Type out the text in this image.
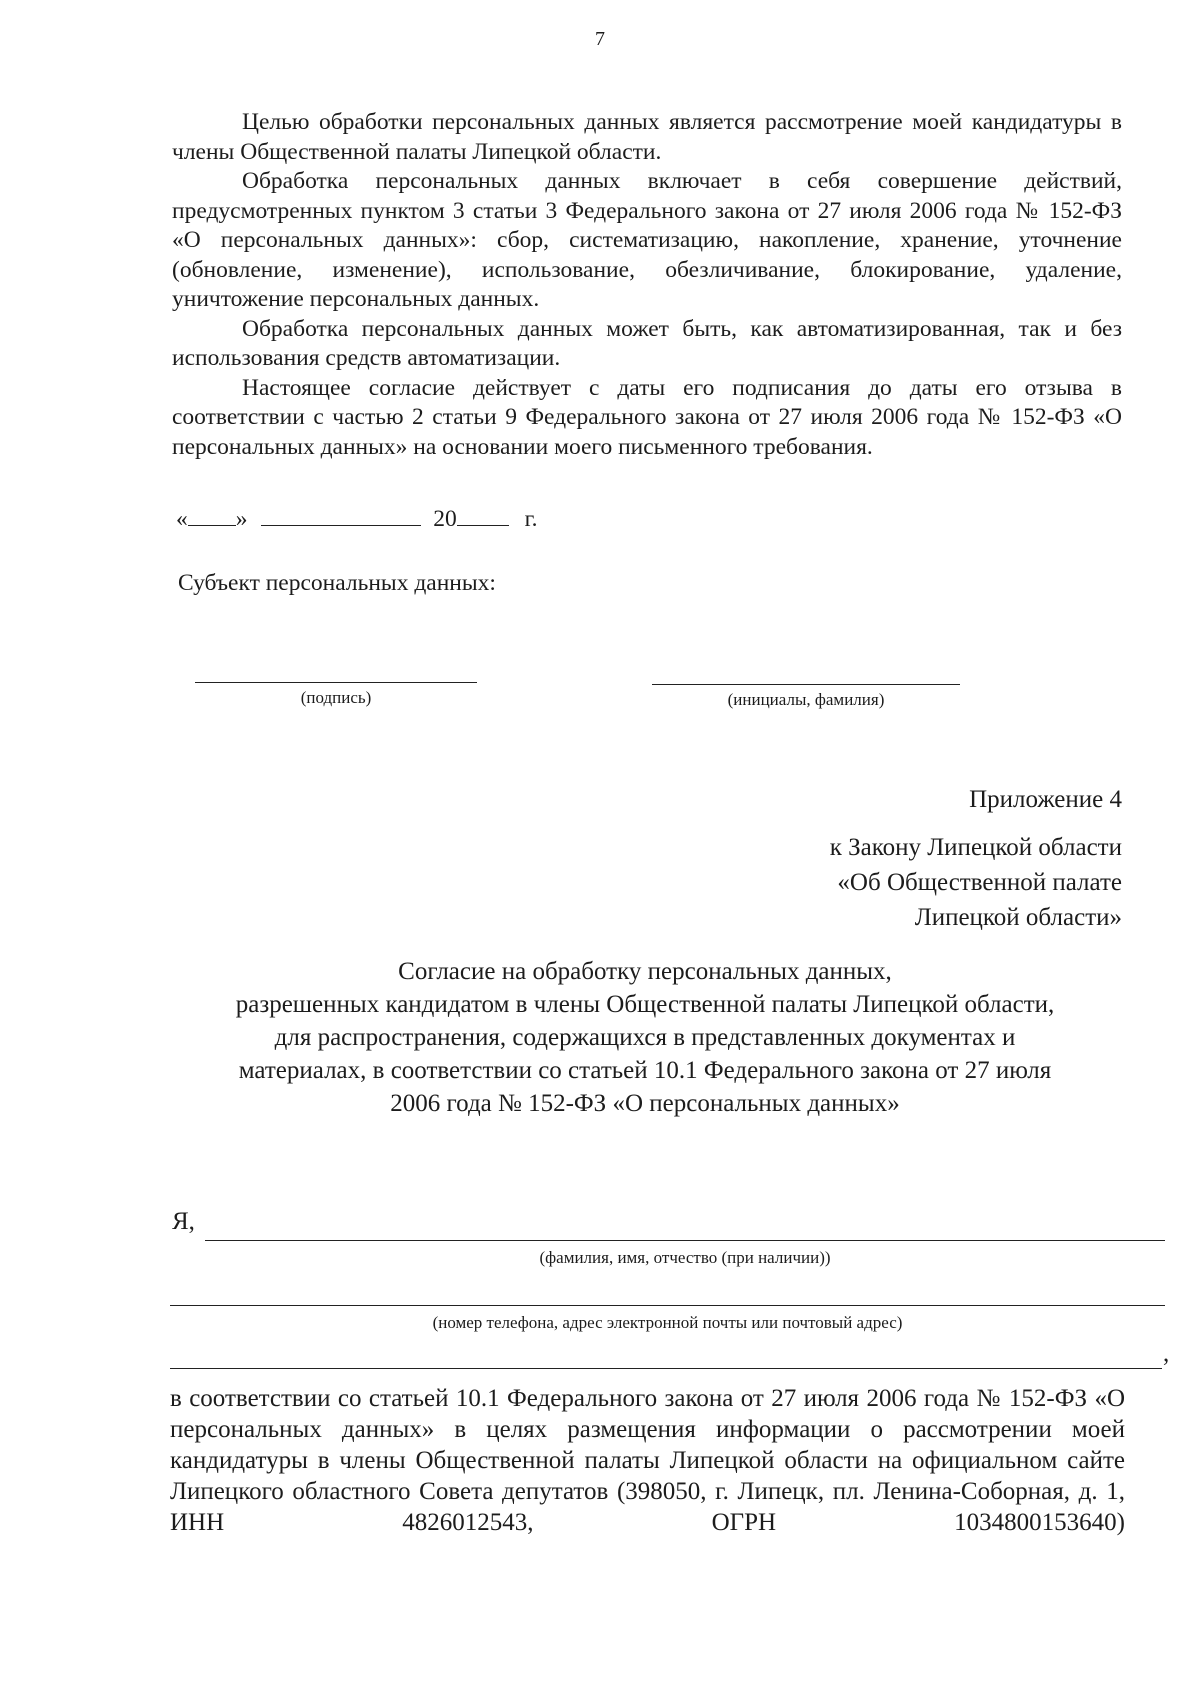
7

Целью обработки персональных данных является рассмотрение моей кандидатуры в члены Общественной палаты Липецкой области.

Обработка персональных данных включает в себя совершение действий, предусмотренных пунктом 3 статьи 3 Федерального закона от 27 июля 2006 года № 152-ФЗ «О персональных данных»: сбор, систематизацию, накопление, хранение, уточнение (обновление, изменение), использование, обезличивание, блокирование, удаление, уничтожение персональных данных.

Обработка персональных данных может быть, как автоматизированная, так и без использования средств автоматизации.

Настоящее согласие действует с даты его подписания до даты его отзыва в соответствии с частью 2 статьи 9 Федерального закона от 27 июля 2006 года № 152-ФЗ «О персональных данных» на основании моего письменного требования.

« »	20	г.
Субъект персональных данных:
(подпись)	(инициалы, фамилия)
Приложение 4
к Закону Липецкой области
«Об Общественной палате
Липецкой области»
Согласие на обработку персональных данных,
разрешенных кандидатом в члены Общественной палаты Липецкой области,
для распространения, содержащихся в представленных документах и
материалах, в соответствии со статьей 10.1 Федерального закона от 27 июля
2006 года № 152-ФЗ «О персональных данных»
Я,
(фамилия, имя, отчество (при наличии))
(номер телефона, адрес электронной почты или почтовый адрес)
,

в соответствии со статьей 10.1 Федерального закона от 27 июля 2006 года № 152-ФЗ «О персональных данных» в целях размещения информации о рассмотрении моей кандидатуры в члены Общественной палаты Липецкой области на официальном сайте Липецкого областного Совета депутатов (398050, г. Липецк, пл. Ленина-Соборная, д. 1, ИНН 4826012543, ОГРН 1034800153640)
